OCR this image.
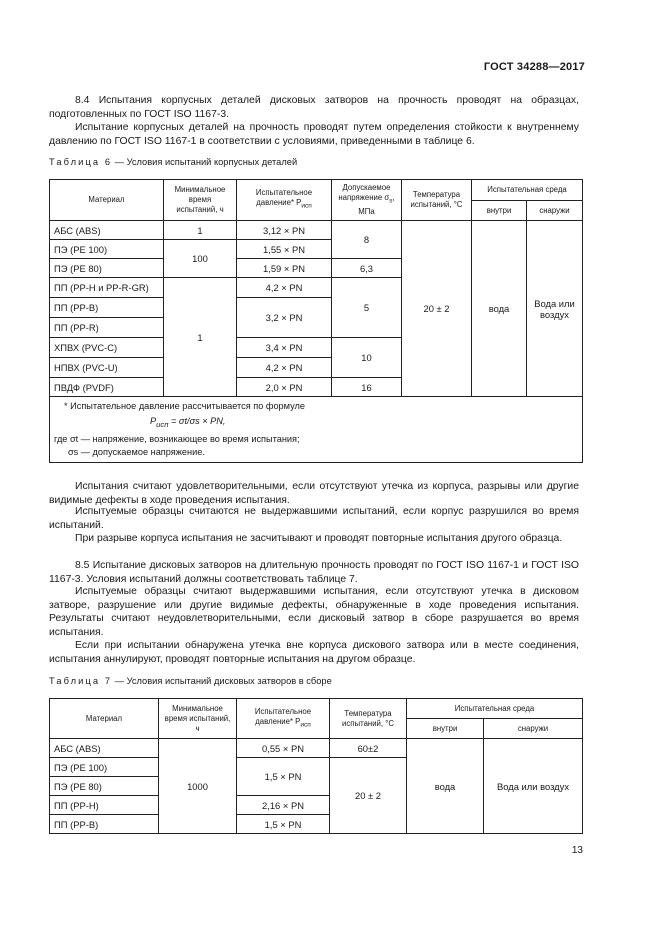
ГОСТ 34288—2017

8.4 Испытания корпусных деталей дисковых затворов на прочность проводят на образцах, подготовленных по ГОСТ ISO 1167-3.

Испытание корпусных деталей на прочность проводят путем определения стойкости к внутреннему давлению по ГОСТ ISO 1167-1 в соответствии с условиями, приведенными в таблице 6.

Таблица 6 — Условия испытаний корпусных деталей
Материал	Минимальное время испытаний, ч	Испытательное давление* $P_{исп}$	Допускаемое напряжение $\sigma_s$, МПа	Температура испытаний, °С	Испытательная среда	
					внутри	снаружи
АБС (ABS)	1	3,12 × PN	8	20 ± 2	вода	Вода или воздух
ПЭ (PE 100)	100	1,55 × PN				
ПЭ (PE 80)		1,59 × PN	6,3			
ПП (PP-H и PP-R-GR)	1	4,2 × PN	5			
ПП (PP-B)		3,2 × PN				
ПП (PP-R)						
ХПВХ (PVC-C)		3,4 × PN	10			
НПВХ (PVC-U)		4,2 × PN				
ПВДФ (PVDF)		2,0 × PN	16			

* Испытательное давление рассчитывается по формуле
$P_{исп} = \sigma t/\sigma s$ × PN,
где σt — напряжение, возникающее во время испытания;
σs — допускаемое напряжение.						

Испытания считают удовлетворительными, если отсутствуют утечка из корпуса, разрывы или другие видимые дефекты в ходе проведения испытания.

Испытуемые образцы считаются не выдержавшими испытаний, если корпус разрушился во время испытаний.

При разрыве корпуса испытания не засчитывают и проводят повторные испытания другого образца.

8.5 Испытание дисковых затворов на длительную прочность проводят по ГОСТ ISO 1167-1 и ГОСТ ISO 1167-3. Условия испытаний должны соответствовать таблице 7.

Испытуемые образцы считают выдержавшими испытания, если отсутствуют утечка в дисковом затворе, разрушение или другие видимые дефекты, обнаруженные в ходе проведения испытания. Результаты считают неудовлетворительными, если дисковый затвор в сборе разрушается во время испытания.

Если при испытании обнаружена утечка вне корпуса дискового затвора или в месте соединения, испытания аннулируют, проводят повторные испытания на другом образце.

Таблица 7 — Условия испытаний дисковых затворов в сборе
Материал	Минимальное время испытаний, ч	Испытательное давление* $P_{исп}$	Температура испытаний, °С	Испытательная среда	
				внутри	снаружи
АБС (ABS)	1000	0,55 × PN	60±2	вода	Вода или воздух
ПЭ (PE 100)		1,5 × PN	20 ± 2		
ПЭ (PE 80)					
ПП (PP-H)		2,16 × PN			
ПП (PP-B)		1,5 × PN			
13
